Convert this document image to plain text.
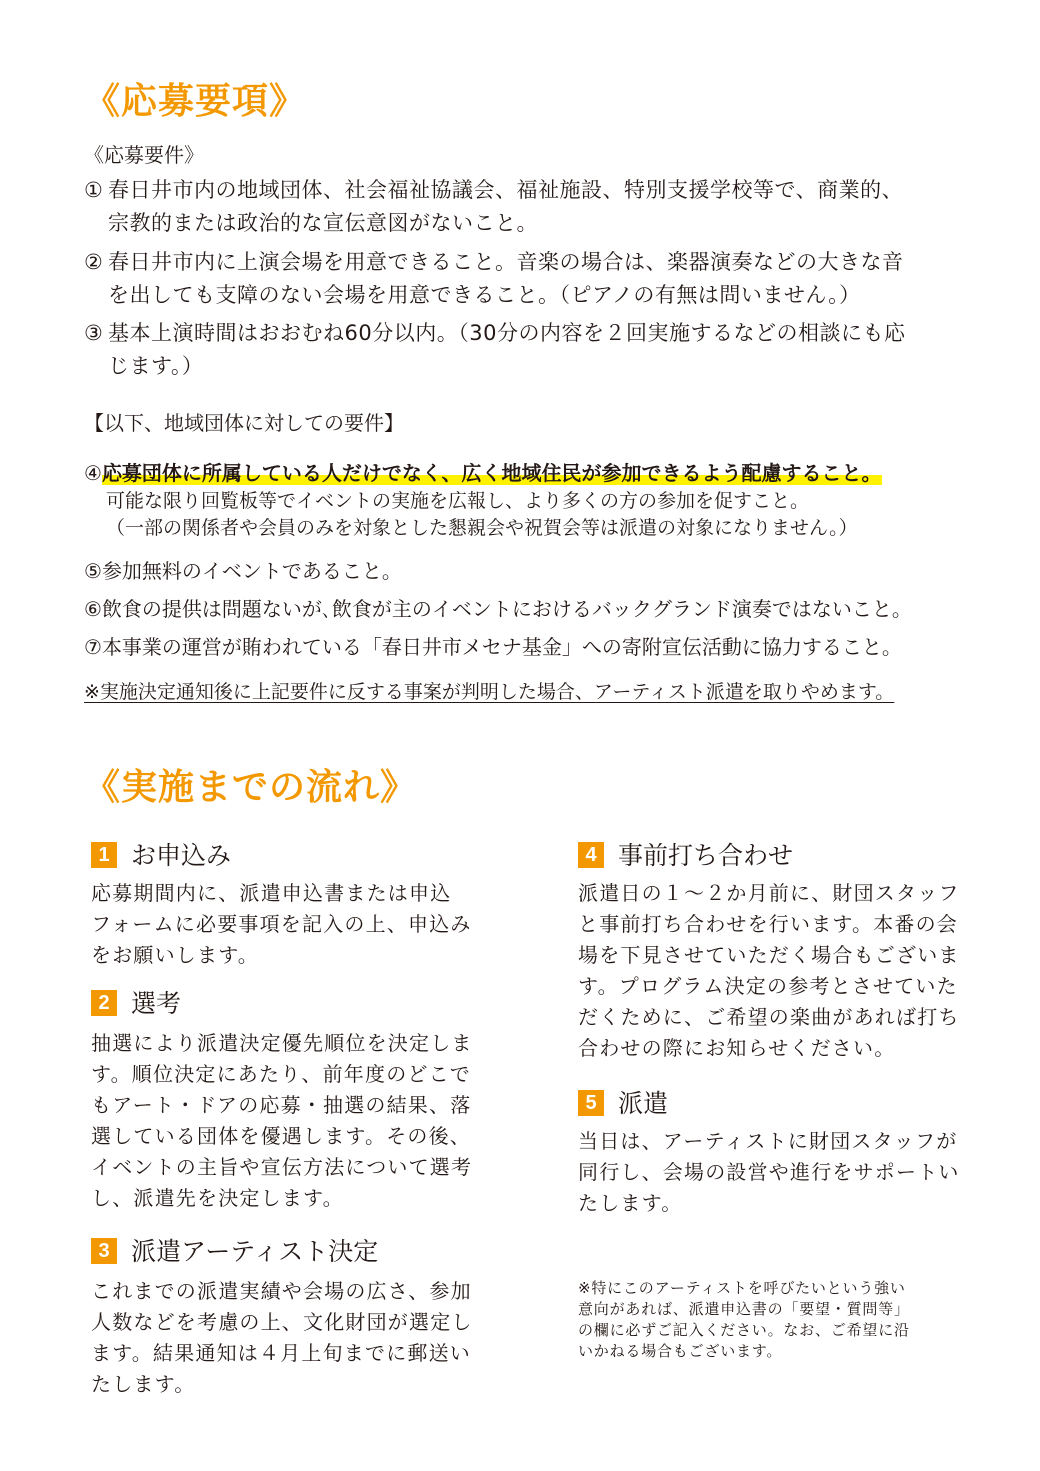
《応募要項》
《応募要件》
① 春日井市内の地域団体、社会福祉協議会、福祉施設、特別支援学校等で、商業的、
宗教的または政治的な宣伝意図がないこと。
② 春日井市内に上演会場を用意できること。音楽の場合は、楽器演奏などの大きな音
を出しても支障のない会場を用意できること。（ピアノの有無は問いません。）
③ 基本上演時間はおおむね60分以内。（30分の内容を２回実施するなどの相談にも応
じます。）
【以下、地域団体に対しての要件】
④応募団体に所属している人だけでなく、広く地域住民が参加できるよう配慮すること。
可能な限り回覧板等でイベントの実施を広報し、より多くの方の参加を促すこと。
（一部の関係者や会員のみを対象とした懇親会や祝賀会等は派遣の対象になりません。）
⑤参加無料のイベントであること。
⑥飲食の提供は問題ないが､飲食が主のイベントにおけるバックグランド演奏ではないこと。
⑦本事業の運営が賄われている「春日井市メセナ基金」への寄附宣伝活動に協力すること。
※実施決定通知後に上記要件に反する事案が判明した場合、アーティスト派遣を取りやめます。
《実施までの流れ》
1 お申込み
応募期間内に、派遣申込書または申込
フォームに必要事項を記入の上、申込み
をお願いします。
2 選考
抽選により派遣決定優先順位を決定しま
す。順位決定にあたり、前年度のどこで
もアート・ドアの応募・抽選の結果、落
選している団体を優遇します。その後、
イベントの主旨や宣伝方法について選考
し、派遣先を決定します。
3 派遣アーティスト決定
これまでの派遣実績や会場の広さ、参加
人数などを考慮の上、文化財団が選定し
ます。結果通知は４月上旬までに郵送い
たします。
4 事前打ち合わせ
派遣日の１～２か月前に、財団スタッフ
と事前打ち合わせを行います。本番の会
場を下見させていただく場合もございま
す。プログラム決定の参考とさせていた
だくために、ご希望の楽曲があれば打ち
合わせの際にお知らせください。
5 派遣
当日は、アーティストに財団スタッフが
同行し、会場の設営や進行をサポートい
たします。
※特にこのアーティストを呼びたいという強い
意向があれば、派遣申込書の「要望・質問等」
の欄に必ずご記入ください。なお、ご希望に沿
いかねる場合もございます。
